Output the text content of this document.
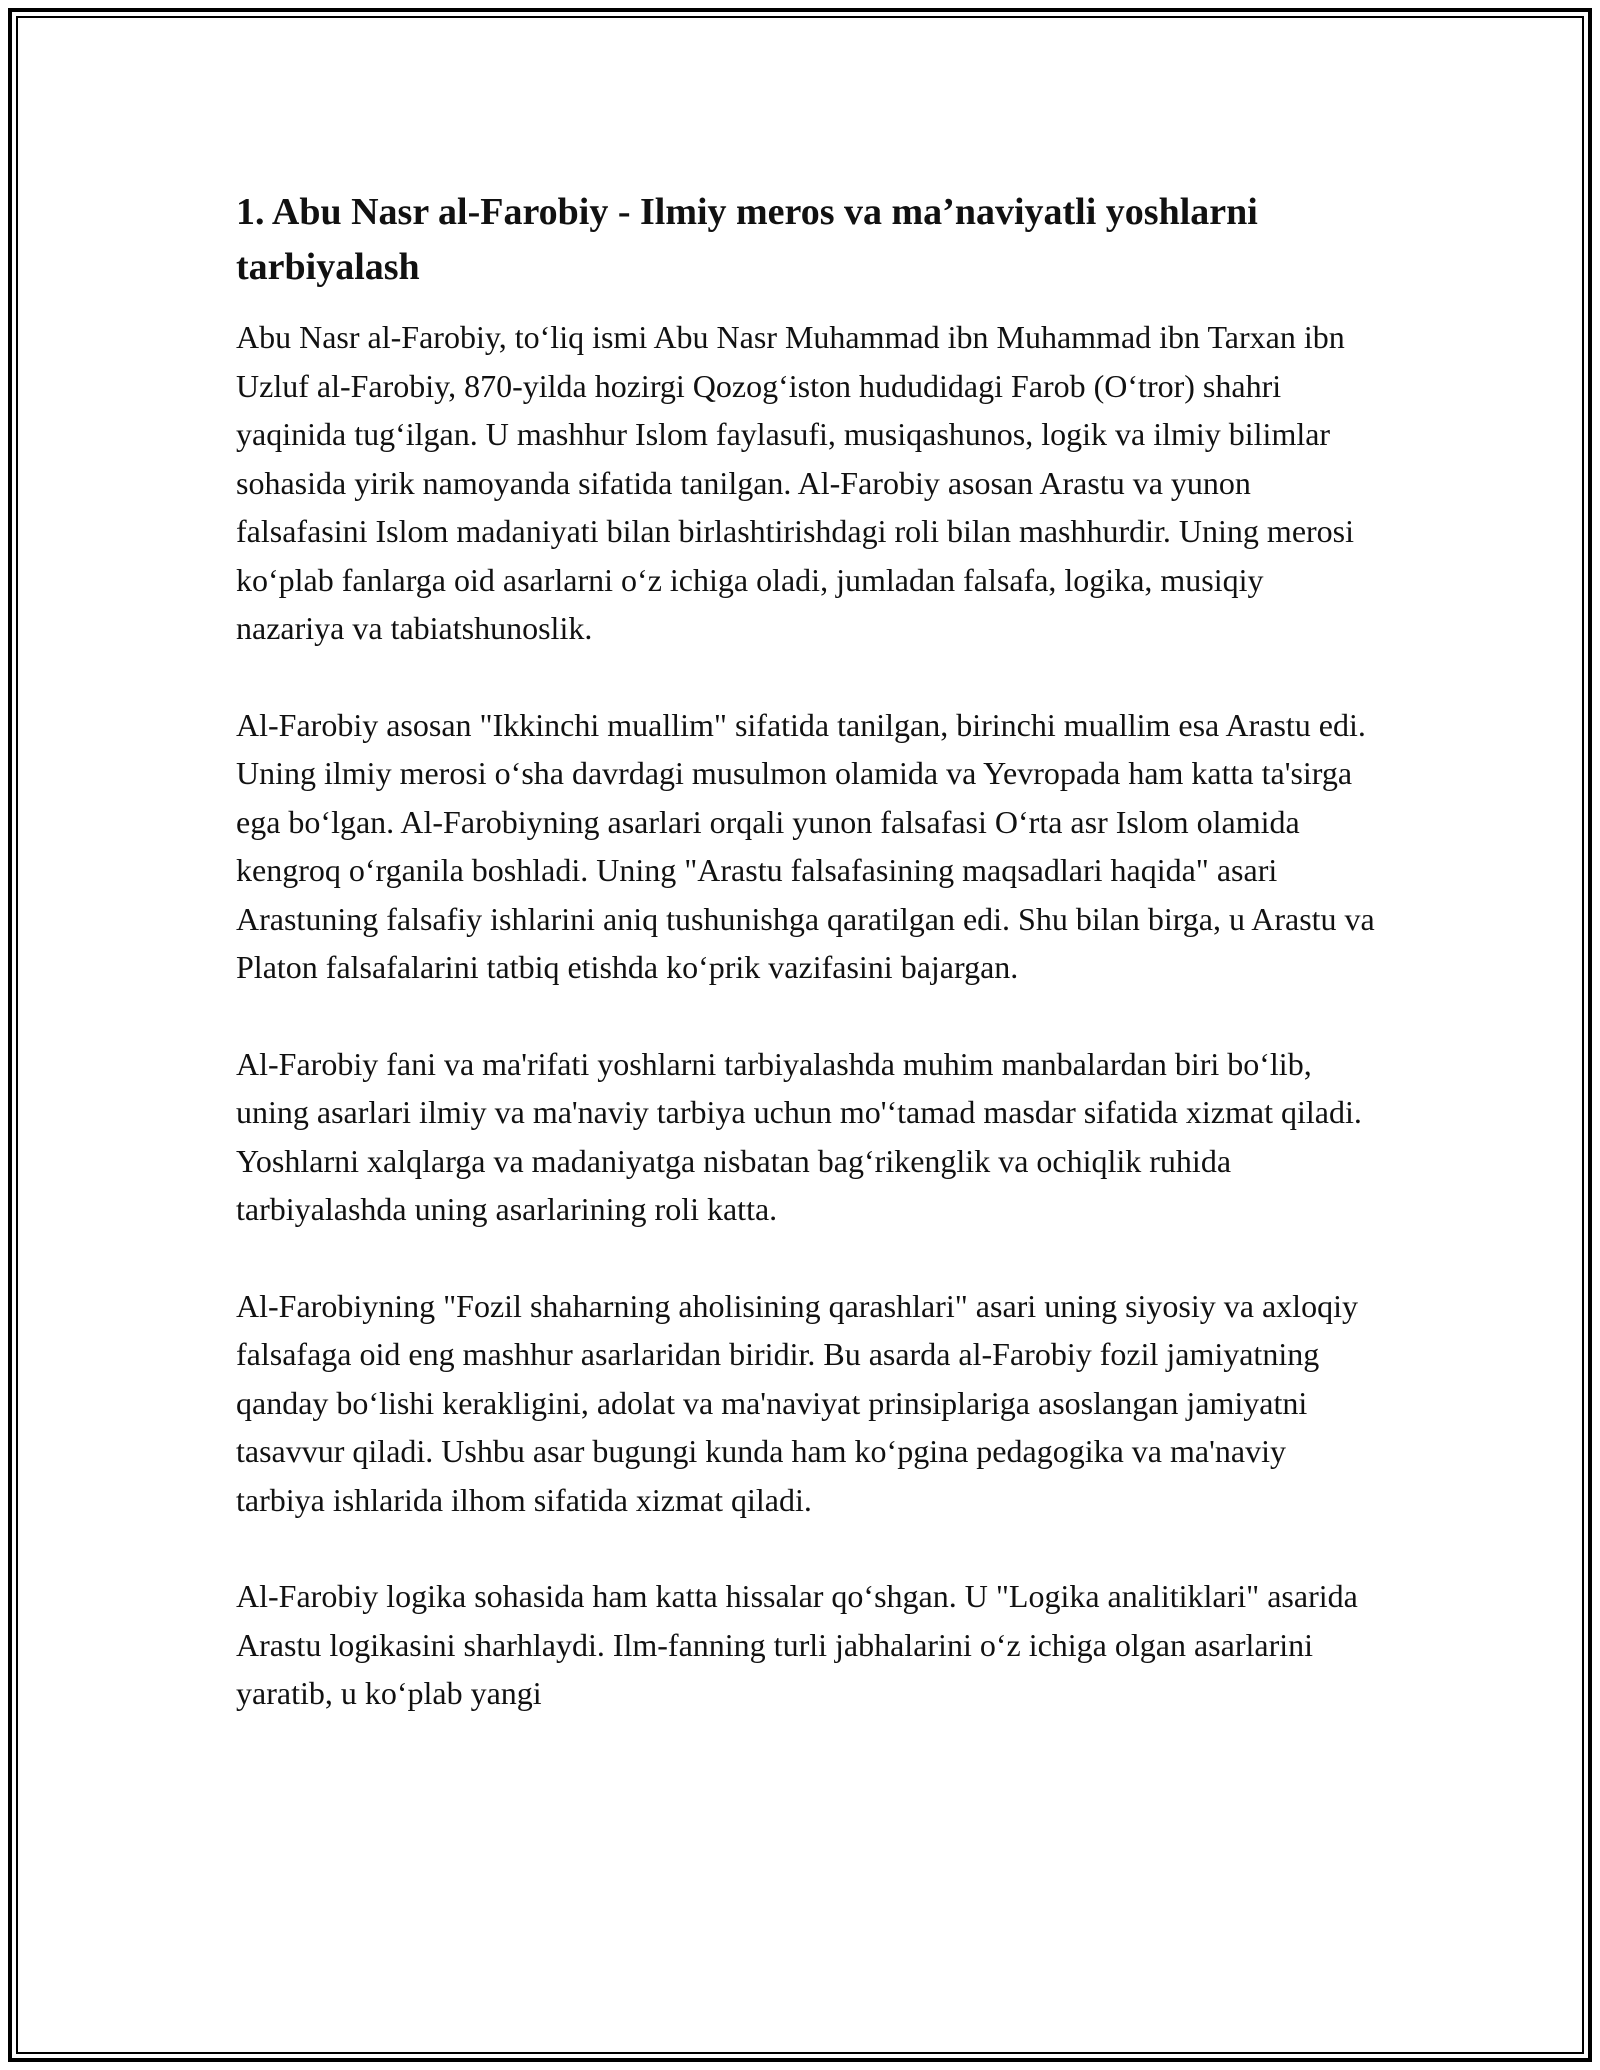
1. Abu Nasr al-Farobiy - Ilmiy meros va ma’naviyatli yoshlarni tarbiyalash

Abu Nasr al-Farobiy, to‘liq ismi Abu Nasr Muhammad ibn Muhammad ibn Tarxan ibn Uzluf al-Farobiy, 870-yilda hozirgi Qozog‘iston hududidagi Farob (O‘tror) shahri yaqinida tug‘ilgan. U mashhur Islom faylasufi, musiqashunos, logik va ilmiy bilimlar sohasida yirik namoyanda sifatida tanilgan. Al-Farobiy asosan Arastu va yunon falsafasini Islom madaniyati bilan birlashtirishdagi roli bilan mashhurdir. Uning merosi ko‘plab fanlarga oid asarlarni o‘z ichiga oladi, jumladan falsafa, logika, musiqiy nazariya va tabiatshunoslik.

Al-Farobiy asosan "Ikkinchi muallim" sifatida tanilgan, birinchi muallim esa Arastu edi. Uning ilmiy merosi o‘sha davrdagi musulmon olamida va Yevropada ham katta ta'sirga ega bo‘lgan. Al-Farobiyning asarlari orqali yunon falsafasi O‘rta asr Islom olamida kengroq o‘rganila boshladi. Uning "Arastu falsafasining maqsadlari haqida" asari Arastuning falsafiy ishlarini aniq tushunishga qaratilgan edi. Shu bilan birga, u Arastu va Platon falsafalarini tatbiq etishda ko‘prik vazifasini bajargan.

Al-Farobiy fani va ma'rifati yoshlarni tarbiyalashda muhim manbalardan biri bo‘lib, uning asarlari ilmiy va ma'naviy tarbiya uchun mo'‘tamad masdar sifatida xizmat qiladi. Yoshlarni xalqlarga va madaniyatga nisbatan bag‘rikenglik va ochiqlik ruhida tarbiyalashda uning asarlarining roli katta.

Al-Farobiyning "Fozil shaharning aholisining qarashlari" asari uning siyosiy va axloqiy falsafaga oid eng mashhur asarlaridan biridir. Bu asarda al-Farobiy fozil jamiyatning qanday bo‘lishi kerakligini, adolat va ma'naviyat prinsiplariga asoslangan jamiyatni tasavvur qiladi. Ushbu asar bugungi kunda ham ko‘pgina pedagogika va ma'naviy tarbiya ishlarida ilhom sifatida xizmat qiladi.

Al-Farobiy logika sohasida ham katta hissalar qo‘shgan. U "Logika analitiklari" asarida Arastu logikasini sharhlaydi. Ilm-fanning turli jabhalarini o‘z ichiga olgan asarlarini yaratib, u ko‘plab yangi
